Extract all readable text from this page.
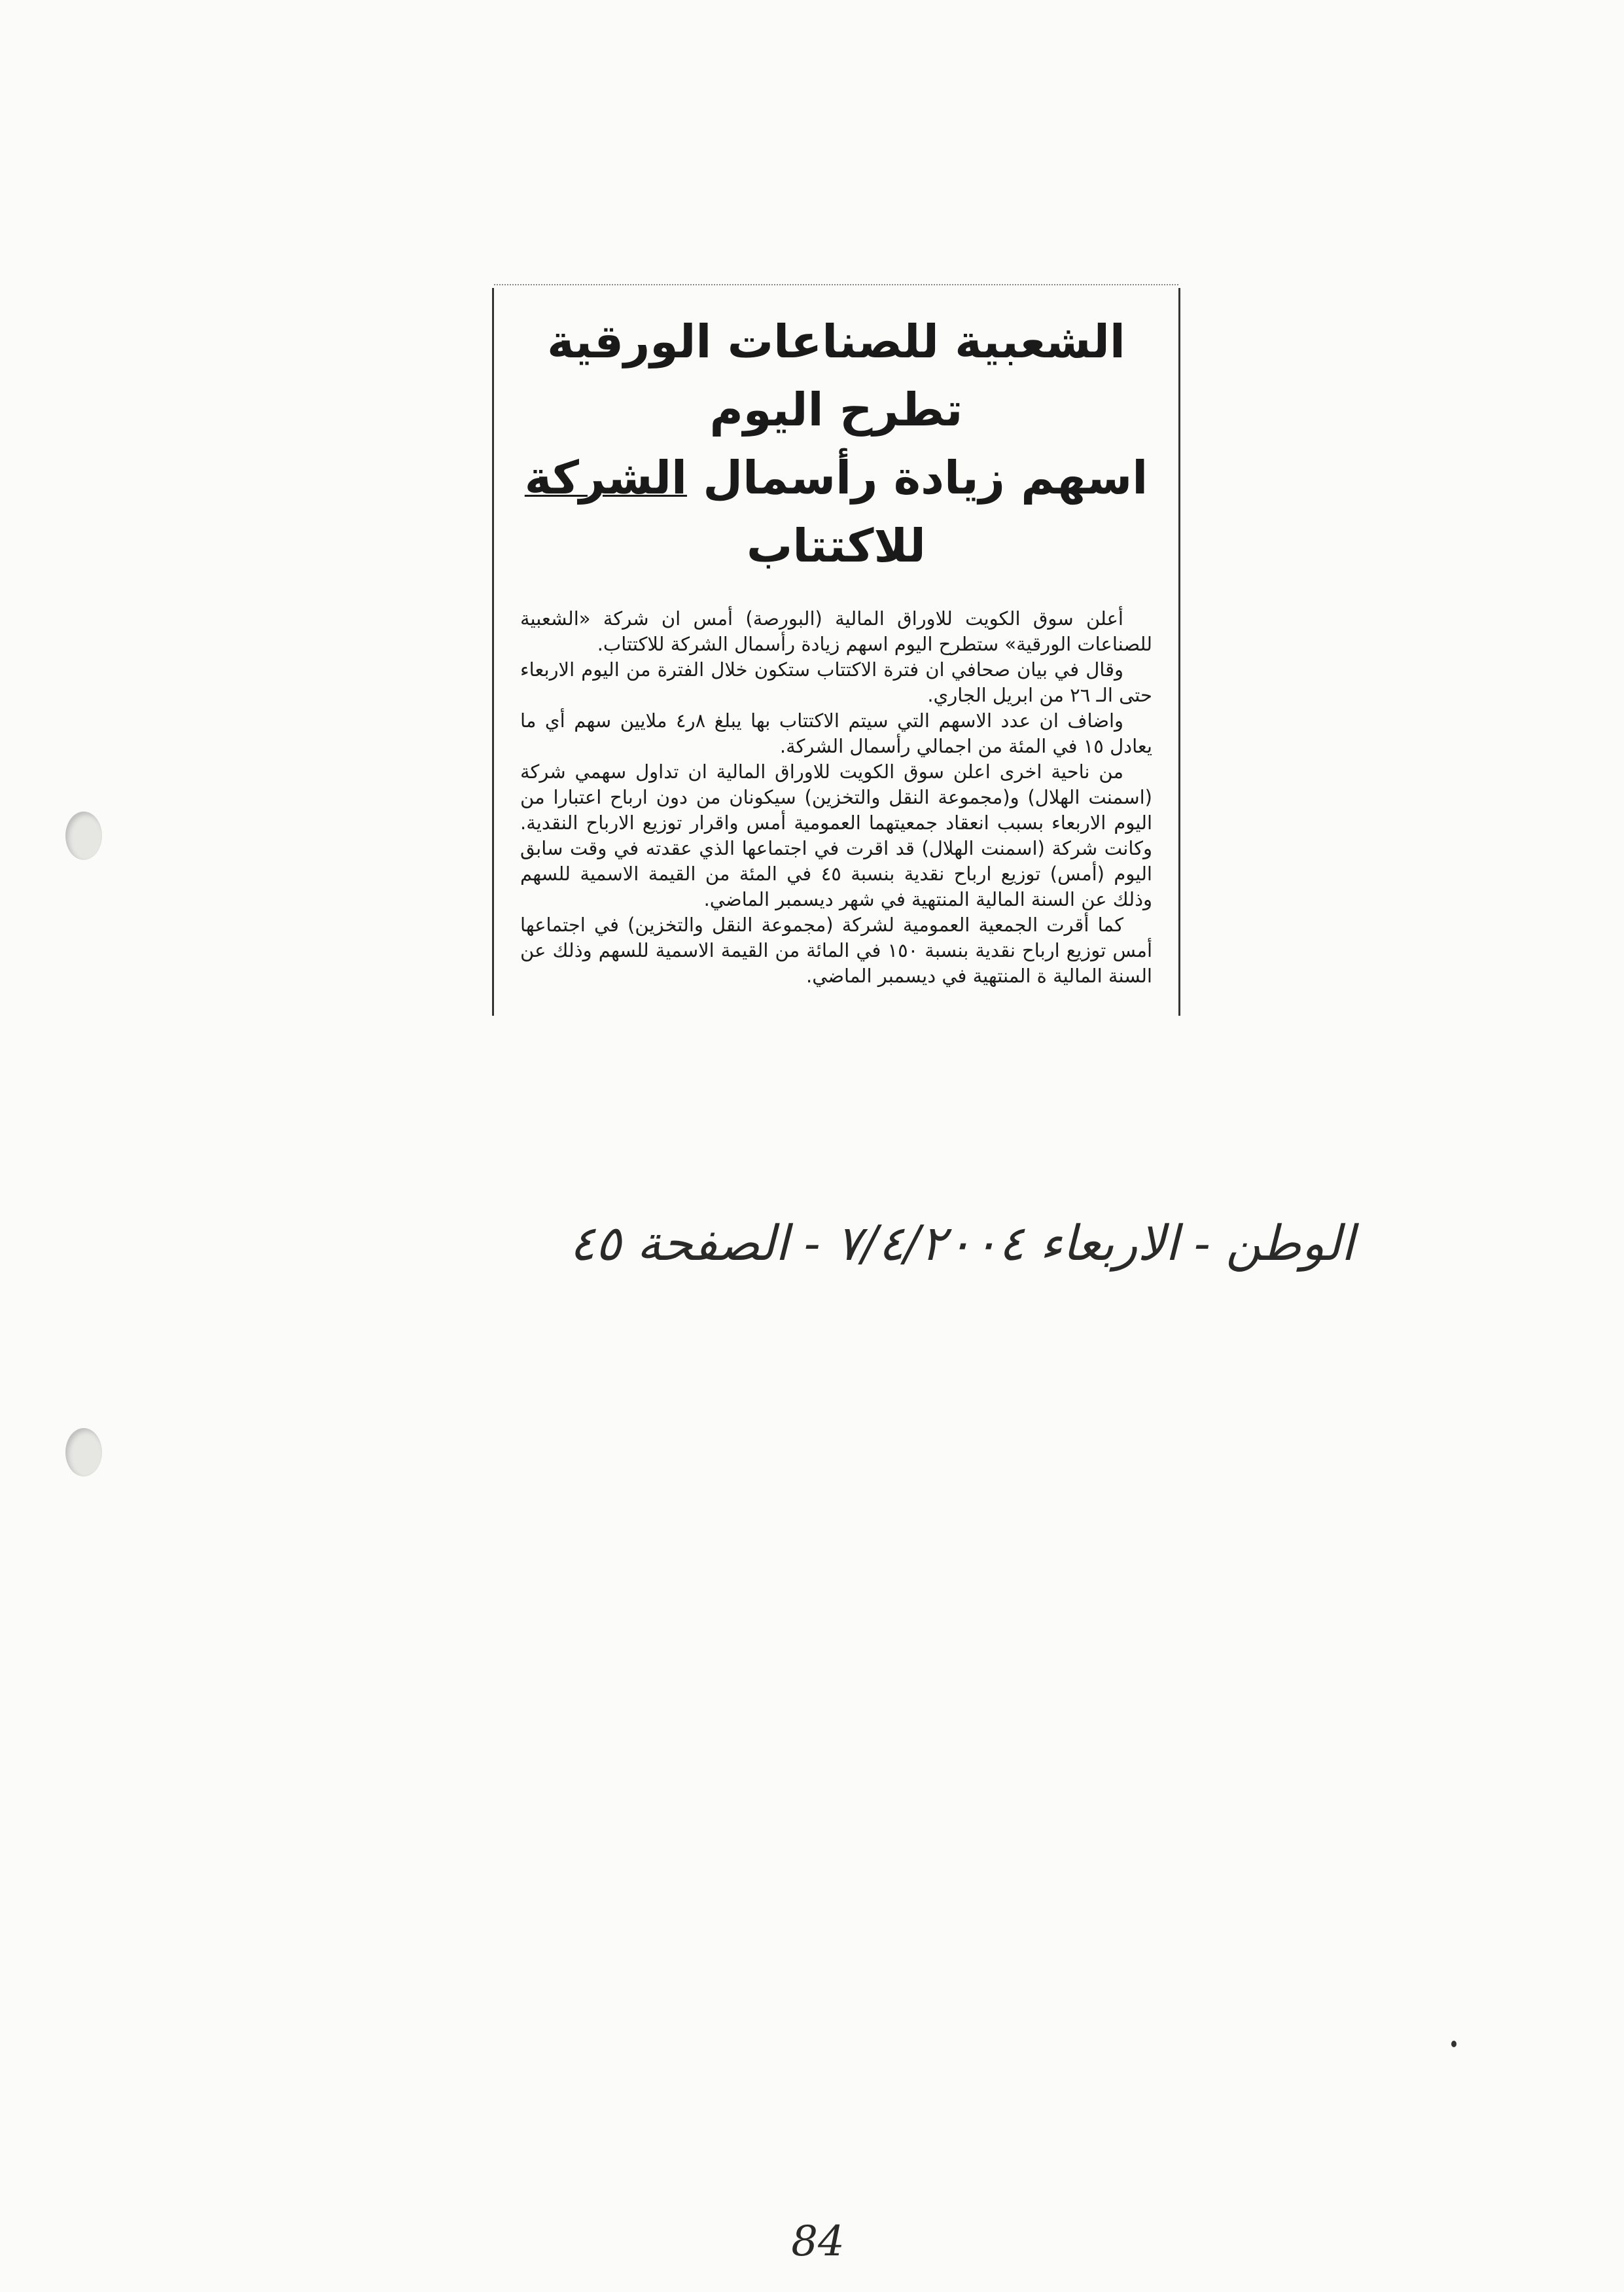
الشعبية للصناعات الورقية تطرح اليوم
اسهم زيادة رأسمال الشركة للاكتتاب

أعلن سوق الكويت للاوراق المالية (البورصة) أمس ان شركة «الشعبية للصناعات الورقية» ستطرح اليوم اسهم زيادة رأسمال الشركة للاكتتاب.

وقال في بيان صحافي ان فترة الاكتتاب ستكون خلال الفترة من اليوم الاربعاء حتى الـ ٢٦ من ابريل الجاري.

واضاف ان عدد الاسهم التي سيتم الاكتتاب بها يبلغ ٨ر٤ ملايين سهم أي ما يعادل ١٥ في المئة من اجمالي رأسمال الشركة.

من ناحية اخرى اعلن سوق الكويت للاوراق المالية ان تداول سهمي شركة (اسمنت الهلال) و(مجموعة النقل والتخزين) سيكونان من دون ارباح اعتبارا من اليوم الاربعاء بسبب انعقاد جمعيتهما العمومية أمس واقرار توزيع الارباح النقدية. وكانت شركة (اسمنت الهلال) قد اقرت في اجتماعها الذي عقدته في وقت سابق اليوم (أمس) توزيع ارباح نقدية بنسبة ٤٥ في المئة من القيمة الاسمية للسهم وذلك عن السنة المالية المنتهية في شهر ديسمبر الماضي.

كما أقرت الجمعية العمومية لشركة (مجموعة النقل والتخزين) في اجتماعها أمس توزيع ارباح نقدية بنسبة ١٥٠ في المائة من القيمة الاسمية للسهم وذلك عن السنة المالية ة المنتهية في ديسمبر الماضي.

الوطن - الاربعاء ٧/٤/٢٠٠٤ - الصفحة ٤٥
84
